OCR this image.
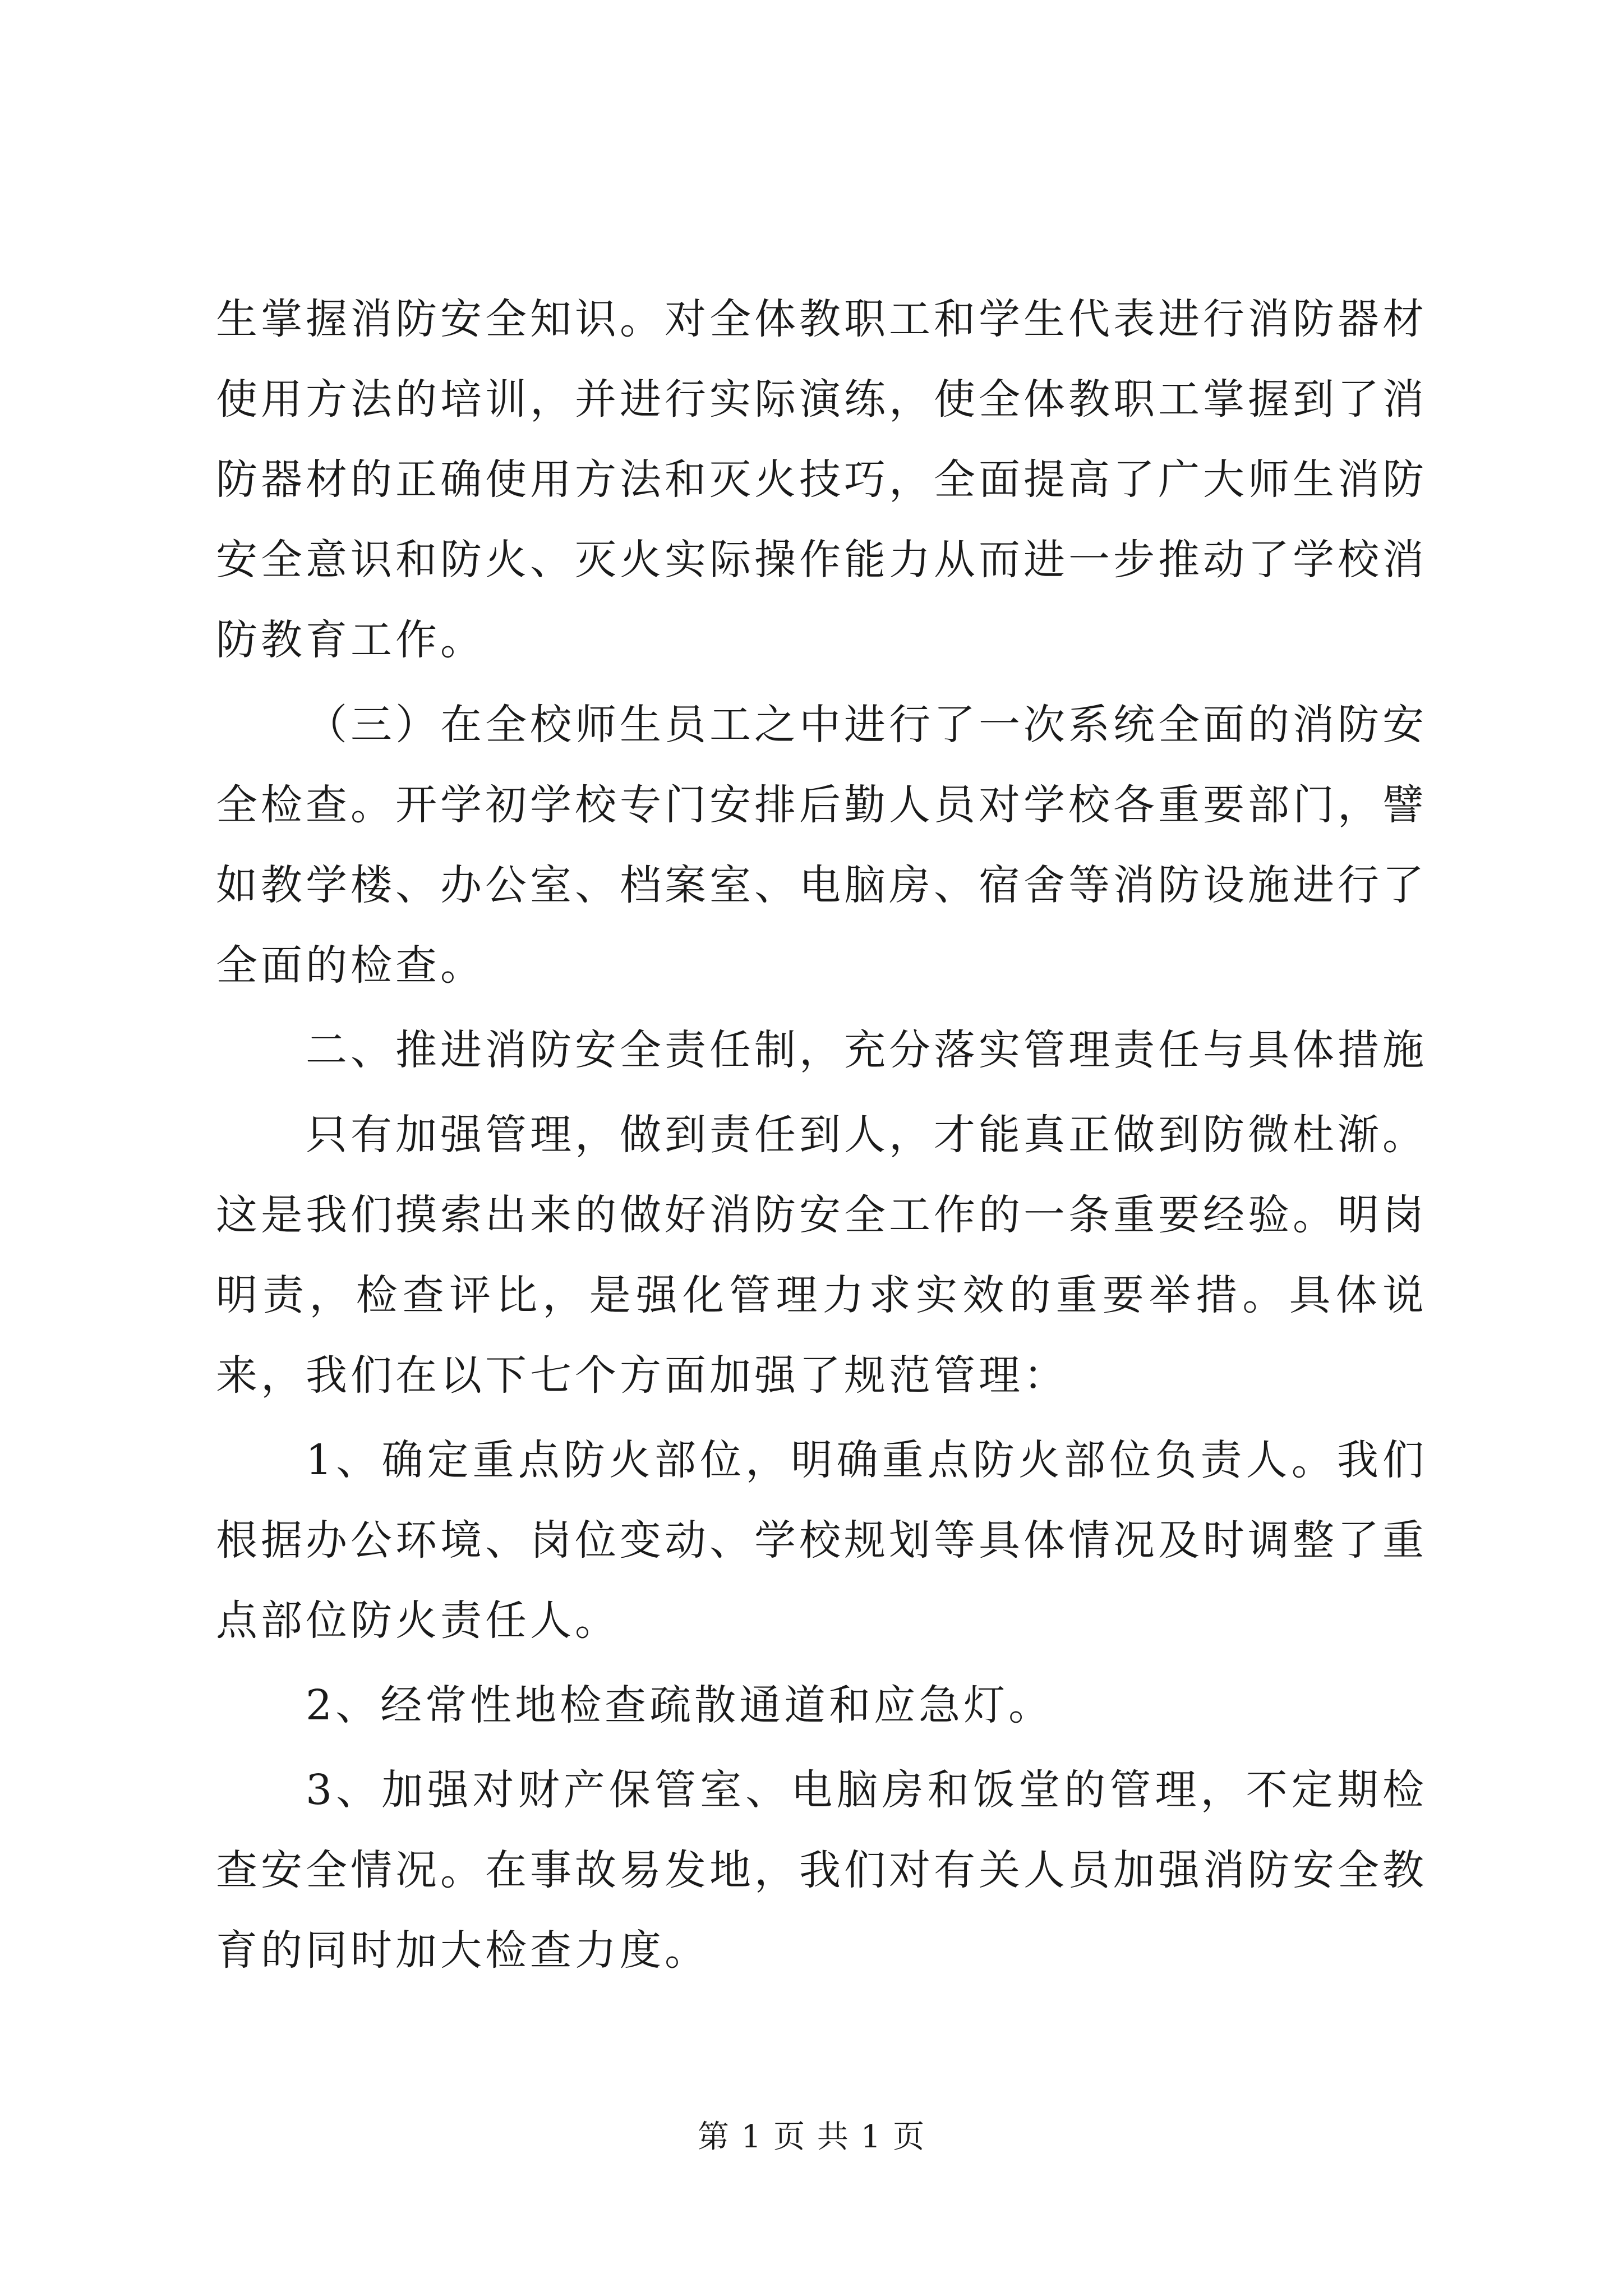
生掌握消防安全知识。对全体教职工和学生代表进行消防器材使用方法的培训，并进行实际演练，使全体教职工掌握到了消防器材的正确使用方法和灭火技巧，全面提高了广大师生消防安全意识和防火、灭火实际操作能力从而进一步推动了学校消防教育工作。

（三）在全校师生员工之中进行了一次系统全面的消防安全检查。开学初学校专门安排后勤人员对学校各重要部门，譬如教学楼、办公室、档案室、电脑房、宿舍等消防设施进行了全面的检查。

二、推进消防安全责任制，充分落实管理责任与具体措施

只有加强管理，做到责任到人，才能真正做到防微杜渐。这是我们摸索出来的做好消防安全工作的一条重要经验。明岗明责，检查评比，是强化管理力求实效的重要举措。具体说来，我们在以下七个方面加强了规范管理：

1、确定重点防火部位，明确重点防火部位负责人。我们根据办公环境、岗位变动、学校规划等具体情况及时调整了重点部位防火责任人。

2、经常性地检查疏散通道和应急灯。

3、加强对财产保管室、电脑房和饭堂的管理，不定期检查安全情况。在事故易发地，我们对有关人员加强消防安全教育的同时加大检查力度。

第 1 页 共 1 页
